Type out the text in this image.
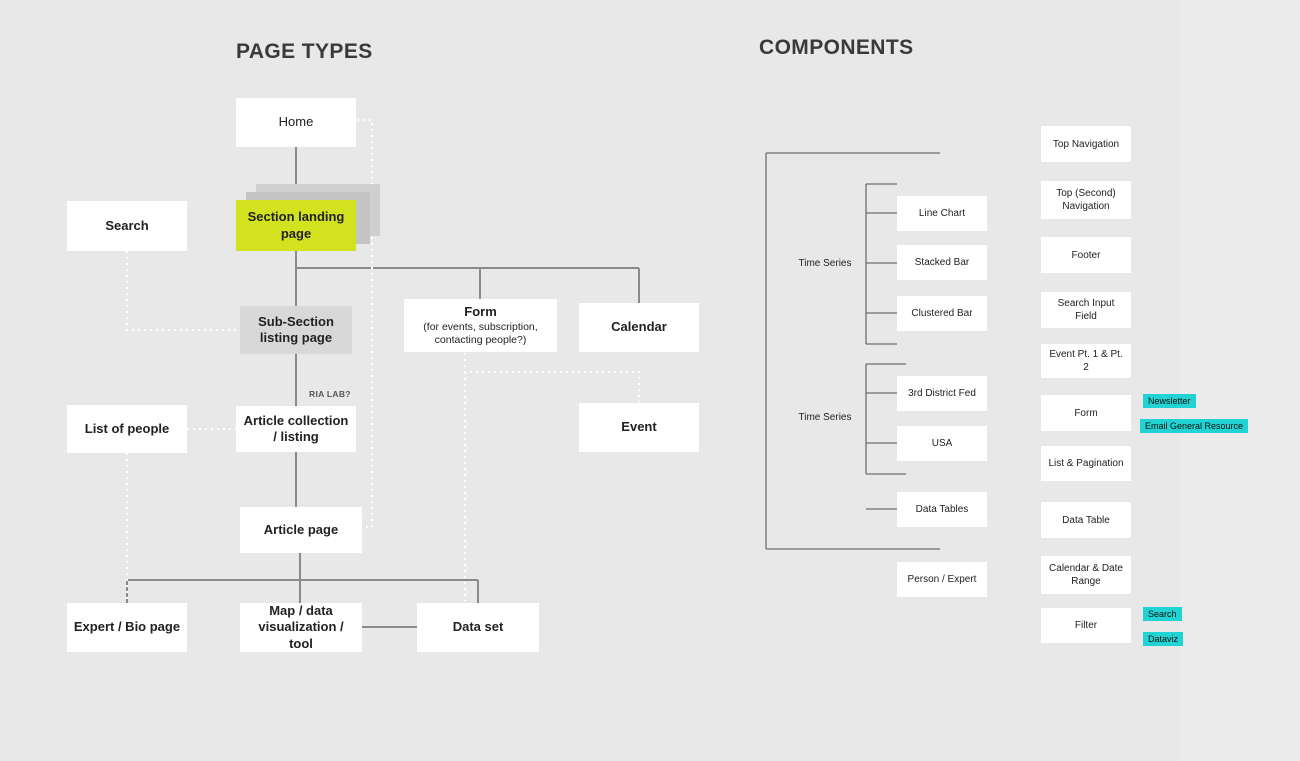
PAGE TYPES	COMPONENTS
Home
Search
Section landing page
Sub-Section listing page
Form
(for events, subscription, contacting people?)
Calendar
List of people
Article collection / listing
RIA LAB?
Event
Article page
Expert / Bio page
Map / data visualization / tool
Data set
Time Series
Time Series
Line Chart
Stacked Bar
Clustered Bar
3rd District Fed
USA
Data Tables
Person / Expert
Top Navigation
Top (Second) Navigation
Footer
Search Input Field
Event Pt. 1 & Pt. 2
Form
List & Pagination
Data Table
Calendar & Date Range
Filter
Newsletter
Email General Resource
Search
Dataviz
